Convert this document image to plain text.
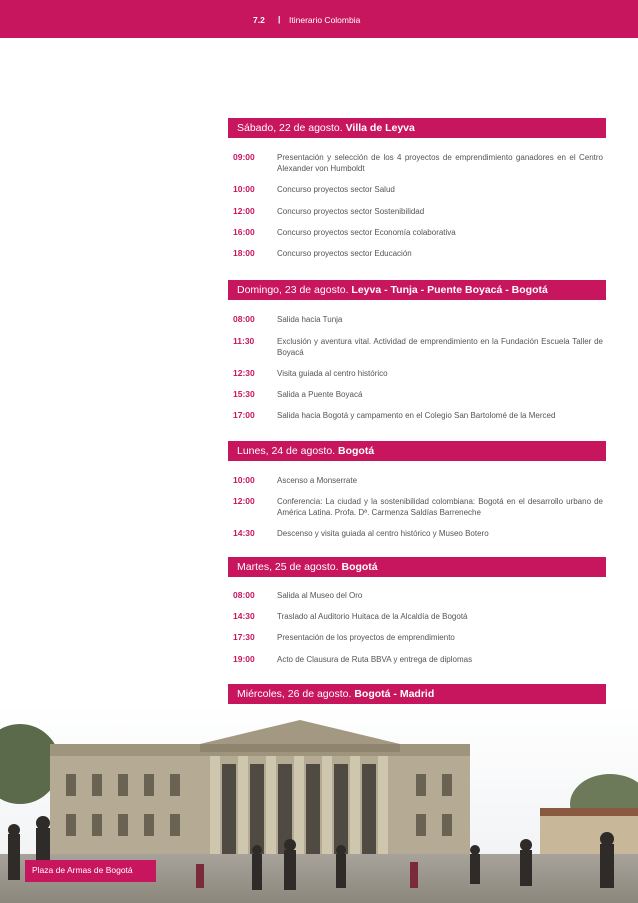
7.2 | Itinerario Colombia
Sábado, 22 de agosto. Villa de Leyva
09:00	Presentación y selección de los 4 proyectos de emprendimiento ganadores en el Centro Alexander von Humboldt
10:00	Concurso proyectos sector Salud
12:00	Concurso proyectos sector Sostenibilidad
16:00	Concurso proyectos sector Economía colaborativa
18:00	Concurso proyectos sector Educación
Domingo, 23 de agosto. Leyva - Tunja - Puente Boyacá - Bogotá
08:00	Salida hacia Tunja
11:30	Exclusión y aventura vital. Actividad de emprendimiento en la Fundación Escuela Taller de Boyacá
12:30	Visita guiada al centro histórico
15:30	Salida a Puente Boyacá
17:00	Salida hacia Bogotá y campamento en el Colegio San Bartolomé de la Merced
Lunes, 24 de agosto. Bogotá
10:00	Ascenso a Monserrate
12:00	Conferencia: La ciudad y la sostenibilidad colombiana: Bogotá en el desarrollo urbano de América Latina. Profa. Dª. Carmenza Saldías Barreneche
14:30	Descenso y visita guiada al centro histórico y Museo Botero
Martes, 25 de agosto. Bogotá
08:00	Salida al Museo del Oro
14:30	Traslado al Auditorio Huitaca de la Alcaldía de Bogotá
17:30	Presentación de los proyectos de emprendimiento
19:00	Acto de Clausura de Ruta BBVA y entrega de diplomas
Miércoles, 26 de agosto. Bogotá - Madrid
Plaza de Armas de Bogotá
